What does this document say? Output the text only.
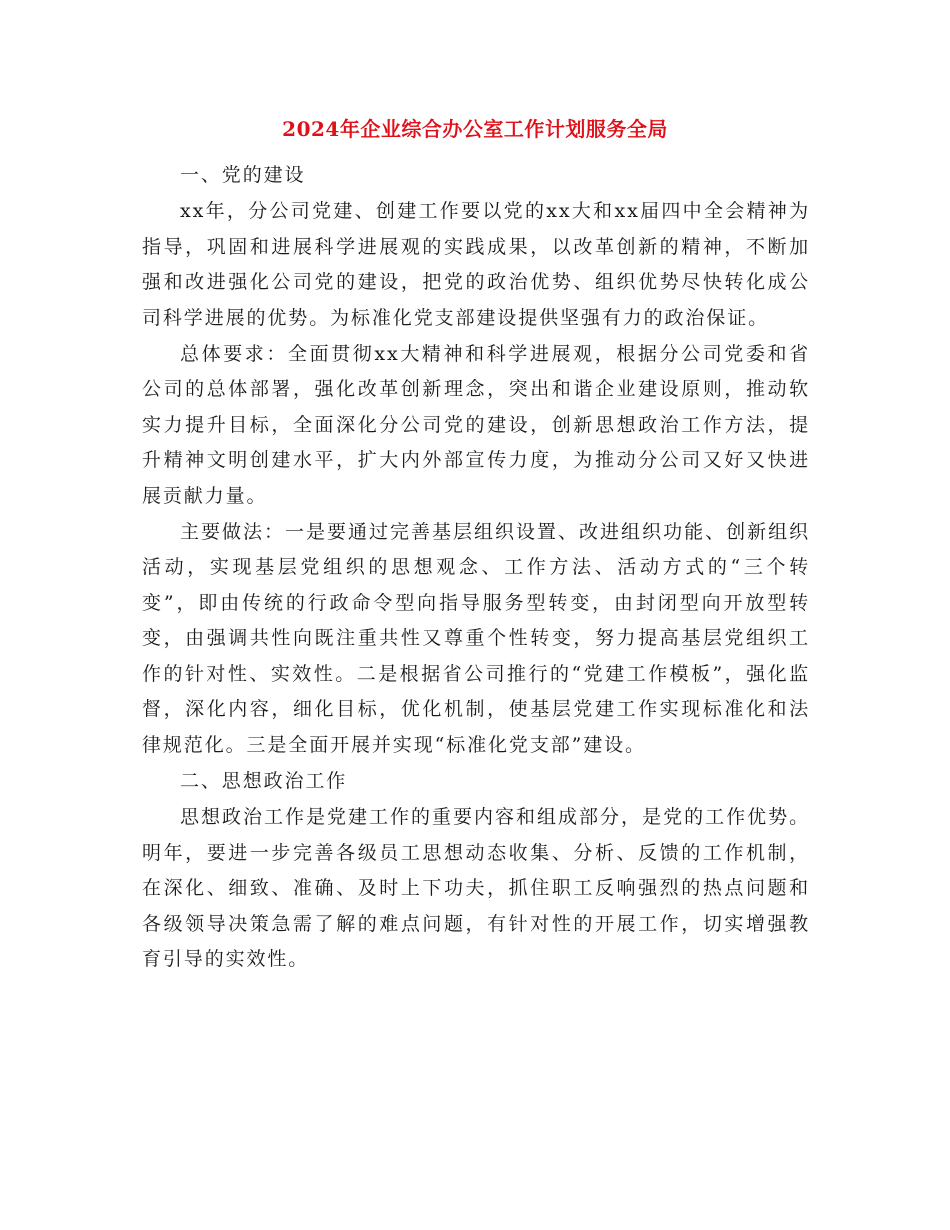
2024年企业综合办公室工作计划服务全局

一、党的建设

xx年，分公司党建、创建工作要以党的xx大和xx届四中全会精神为指导，巩固和进展科学进展观的实践成果，以改革创新的精神，不断加强和改进强化公司党的建设，把党的政治优势、组织优势尽快转化成公司科学进展的优势。为标准化党支部建设提供坚强有力的政治保证。

总体要求：全面贯彻xx大精神和科学进展观，根据分公司党委和省公司的总体部署，强化改革创新理念，突出和谐企业建设原则，推动软实力提升目标，全面深化分公司党的建设，创新思想政治工作方法，提升精神文明创建水平，扩大内外部宣传力度，为推动分公司又好又快进展贡献力量。

主要做法：一是要通过完善基层组织设置、改进组织功能、创新组织活动，实现基层党组织的思想观念、工作方法、活动方式的“三个转变”，即由传统的行政命令型向指导服务型转变，由封闭型向开放型转变，由强调共性向既注重共性又尊重个性转变，努力提高基层党组织工作的针对性、实效性。二是根据省公司推行的“党建工作模板”，强化监督，深化内容，细化目标，优化机制，使基层党建工作实现标准化和法律规范化。三是全面开展并实现“标准化党支部”建设。

二、思想政治工作

思想政治工作是党建工作的重要内容和组成部分，是党的工作优势。明年，要进一步完善各级员工思想动态收集、分析、反馈的工作机制，在深化、细致、准确、及时上下功夫，抓住职工反响强烈的热点问题和各级领导决策急需了解的难点问题，有针对性的开展工作，切实增强教育引导的实效性。
